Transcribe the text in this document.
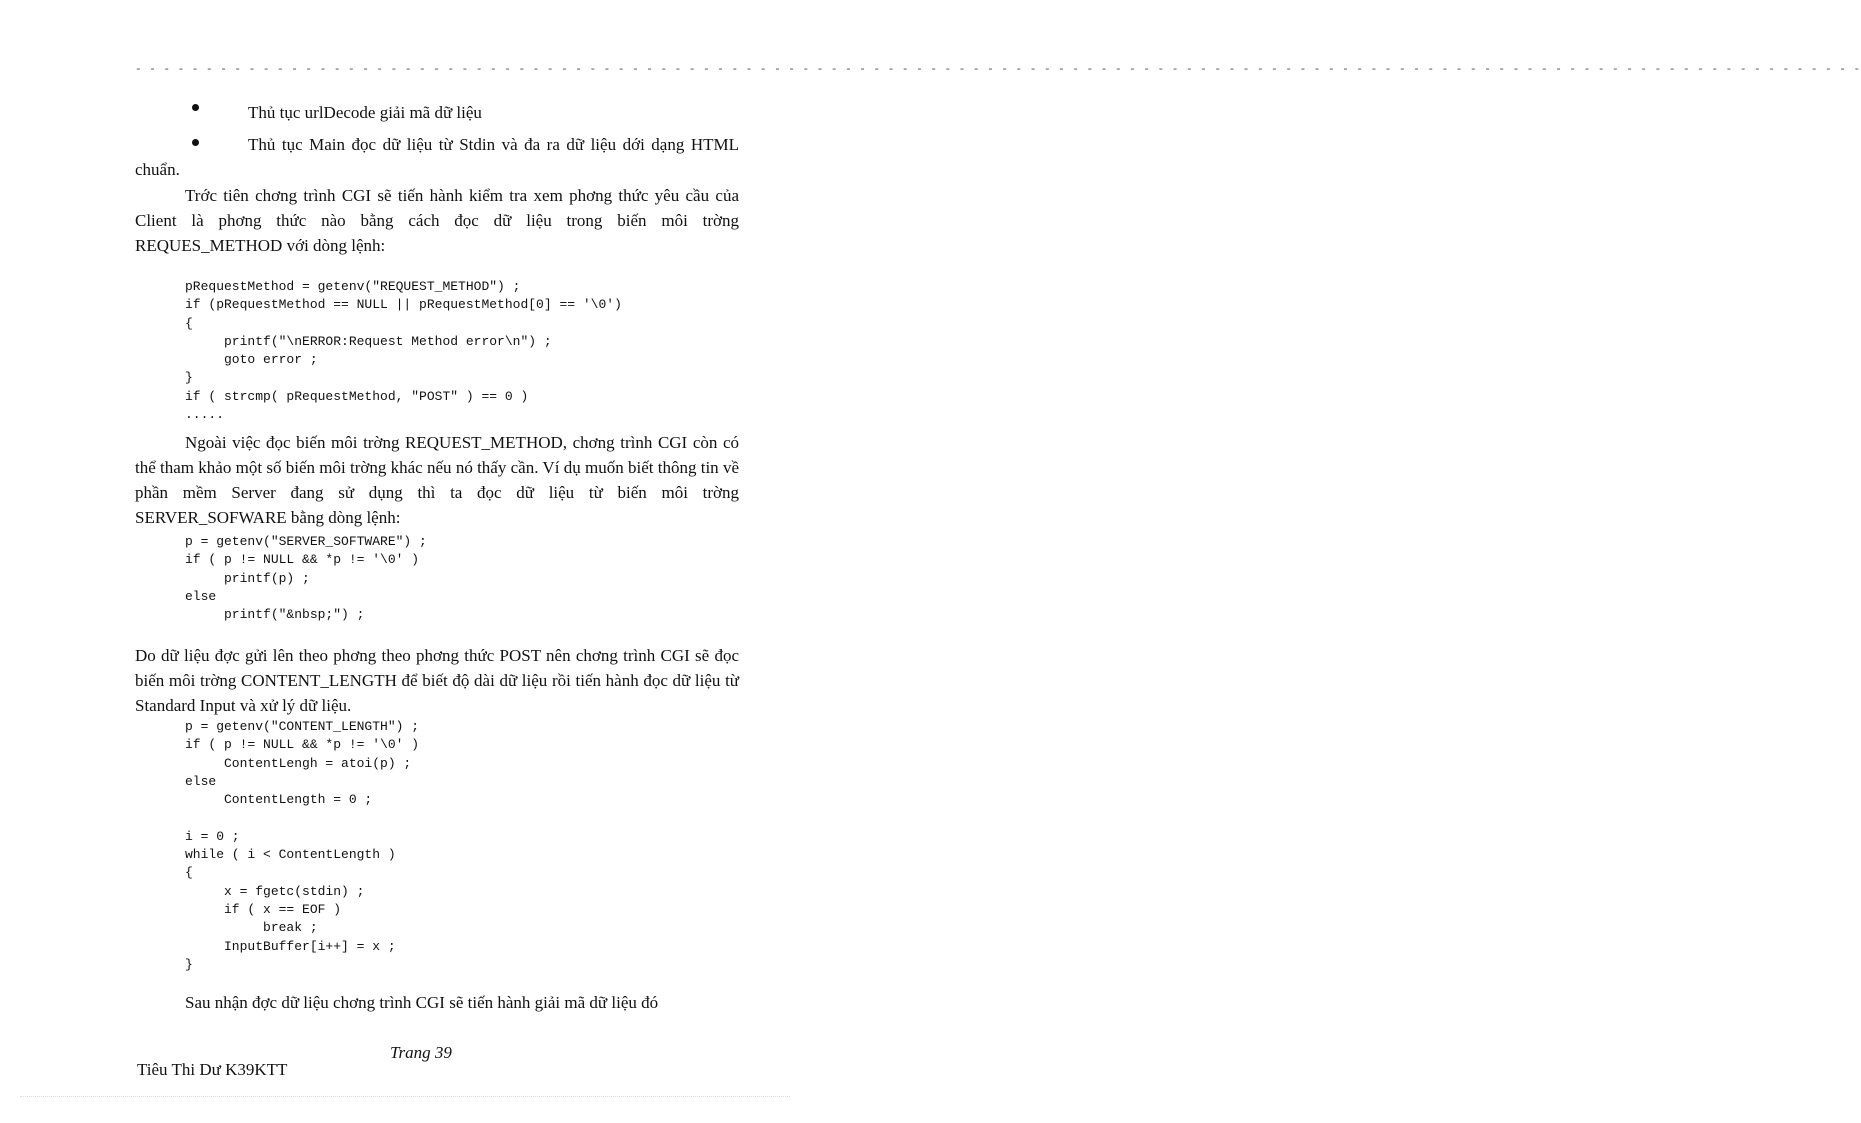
- - - - - - - - - - - - - - - - - - - - - - - - - - - - - - - - - - - - - - - - - - - - - - - - - - - - - - - - - - - - - - - - - - - - - - - - - - - - - - - - - - - - - - - - - - - - - - - - - - - - - - - - - - - - - - - - - - - - - - - - - -
Thủ tục urlDecode giải mã dữ liệu
Thủ tục Main đọc dữ liệu từ Stdin và đa ra dữ liệu dới dạng HTML chuẩn.
Trớc tiên chơng trình CGI sẽ tiến hành kiểm tra xem phơng thức yêu cầu của Client là phơng thức nào bằng cách đọc dữ liệu trong biến môi trờng REQUES_METHOD với dòng lệnh:
pRequestMethod = getenv("REQUEST_METHOD") ;
if (pRequestMethod == NULL || pRequestMethod[0] == '\0')
{
printf("\nERROR:Request Method error\n") ;
goto error ;
}
if ( strcmp( pRequestMethod, "POST" ) == 0 )
.....
Ngoài việc đọc biến môi trờng REQUEST_METHOD, chơng trình CGI còn có thể tham khảo một số biến môi trờng khác nếu nó thấy cần. Ví dụ muốn biết thông tin về phần mềm Server đang sử dụng thì ta đọc dữ liệu từ biến môi trờng SERVER_SOFWARE bằng dòng lệnh:
p = getenv("SERVER_SOFTWARE") ;
if ( p != NULL && *p != '\0' )
printf(p) ;
else
printf("&nbsp;") ;
Do dữ liệu đợc gửi lên theo phơng theo phơng thức POST nên chơng trình CGI sẽ đọc biến môi trờng CONTENT_LENGTH để biết độ dài dữ liệu rồi tiến hành đọc dữ liệu từ Standard Input và xử lý dữ liệu.
p = getenv("CONTENT_LENGTH") ;
if ( p != NULL && *p != '\0' )
ContentLengh = atoi(p) ;
else
ContentLength = 0 ;

i = 0 ;
while ( i < ContentLength )
{
x = fgetc(stdin) ;
if ( x == EOF )
break ;
InputBuffer[i++] = x ;
}
Sau nhận đợc dữ liệu chơng trình CGI sẽ tiến hành giải mã dữ liệu đó
Trang 39
Tiêu Thi Dư K39KTT
